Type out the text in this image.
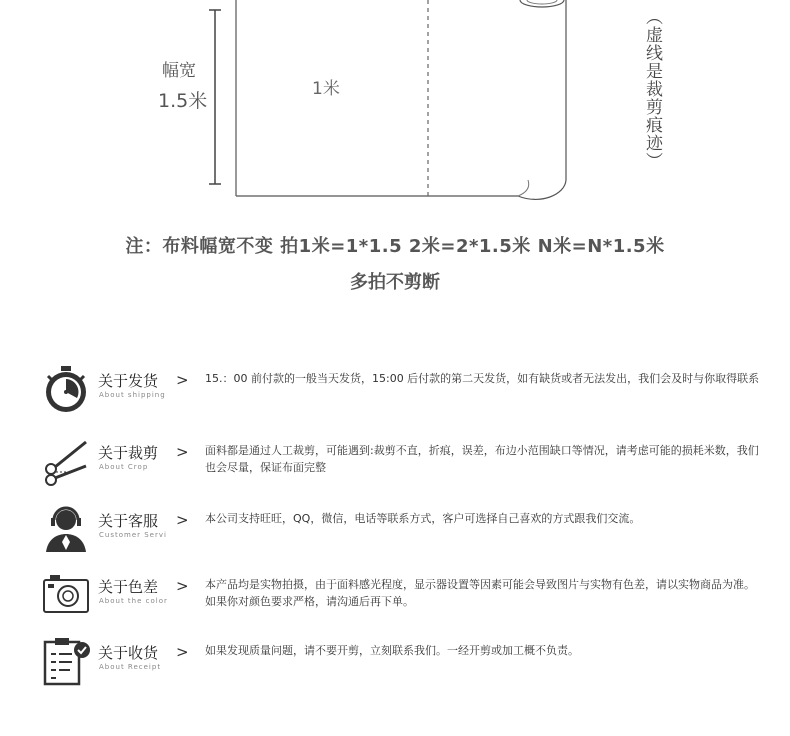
幅宽
1.5米
1米	（虚线是裁剪痕迹）
注：布料幅宽不变 拍1米=1*1.5 2米=2*1.5米 N米=N*1.5米
多拍不剪断
关于发货
About shipping
> 15.：00 前付款的一般当天发货，15:00 后付款的第二天发货，如有缺货或者无法发出，我们会及时与你取得联系
关于裁剪
About Crop
> 面料都是通过人工裁剪，可能遇到:裁剪不直，折痕，误差，布边小范围缺口等情况，请考虑可能的损耗米数，我们也会尽量，保证布面完整
关于客服
Customer Servi
> 本公司支持旺旺，QQ，微信，电话等联系方式，客户可选择自己喜欢的方式跟我们交流。
关于色差
About the color
> 本产品均是实物拍摄，由于面料感光程度，显示器设置等因素可能会导致图片与实物有色差，请以实物商品为准。如果你对颜色要求严格，请沟通后再下单。
关于收货
About Receipt
> 如果发现质量问题，请不要开剪，立刻联系我们。一经开剪或加工概不负责。
